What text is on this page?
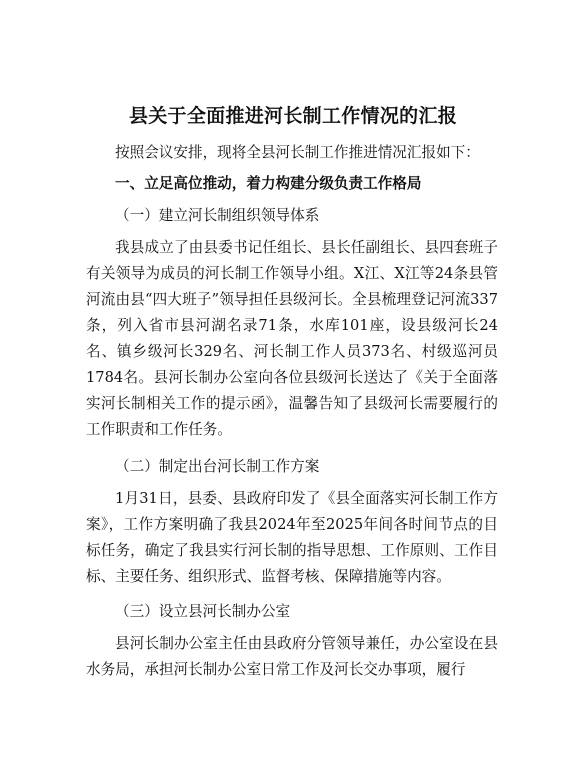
县关于全面推进河长制工作情况的汇报

按照会议安排，现将全县河长制工作推进情况汇报如下：

一、立足高位推动，着力构建分级负责工作格局

（一）建立河长制组织领导体系

我县成立了由县委书记任组长、县长任副组长、县四套班子有关领导为成员的河长制工作领导小组。X江、X江等24条县管河流由县“四大班子”领导担任县级河长。全县梳理登记河流337条，列入省市县河湖名录71条，水库101座，设县级河长24名、镇乡级河长329名、河长制工作人员373名、村级巡河员1784名。县河长制办公室向各位县级河长送达了《关于全面落实河长制相关工作的提示函》，温馨告知了县级河长需要履行的工作职责和工作任务。

（二）制定出台河长制工作方案

1月31日，县委、县政府印发了《县全面落实河长制工作方案》，工作方案明确了我县2024年至2025年间各时间节点的目标任务，确定了我县实行河长制的指导思想、工作原则、工作目标、主要任务、组织形式、监督考核、保障措施等内容。

（三）设立县河长制办公室

县河长制办公室主任由县政府分管领导兼任，办公室设在县水务局，承担河长制办公室日常工作及河长交办事项，履行
